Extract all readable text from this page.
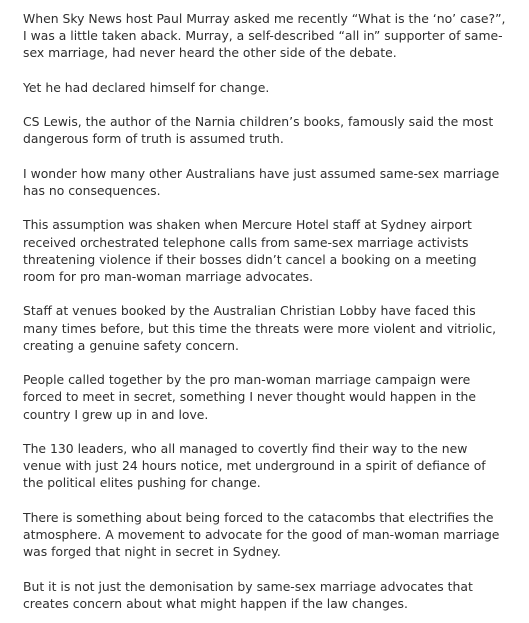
When Sky News host Paul Murray asked me recently “What is the ‘no’ case?”, I was a little taken aback. Murray, a self-described “all in” supporter of same-sex marriage, had never heard the other side of the debate.

Yet he had declared himself for change.

CS Lewis, the author of the Narnia children’s books, famously said the most dangerous form of truth is assumed truth.

I wonder how many other Australians have just assumed same-sex marriage has no consequences.

This assumption was shaken when Mercure Hotel staff at Sydney airport received orchestrated telephone calls from same-sex marriage activists threatening violence if their bosses didn’t cancel a booking on a meeting room for pro man-woman marriage advocates.

Staff at venues booked by the Australian Christian Lobby have faced this many times before, but this time the threats were more violent and vitriolic, creating a genuine safety concern.

People called together by the pro man-woman marriage campaign were forced to meet in secret, something I never thought would happen in the country I grew up in and love.

The 130 leaders, who all managed to covertly find their way to the new venue with just 24 hours notice, met underground in a spirit of defiance of the political elites pushing for change.

There is something about being forced to the catacombs that electrifies the atmosphere. A movement to advocate for the good of man-woman marriage was forged that night in secret in Sydney.

But it is not just the demonisation by same-sex marriage advocates that creates concern about what might happen if the law changes.
